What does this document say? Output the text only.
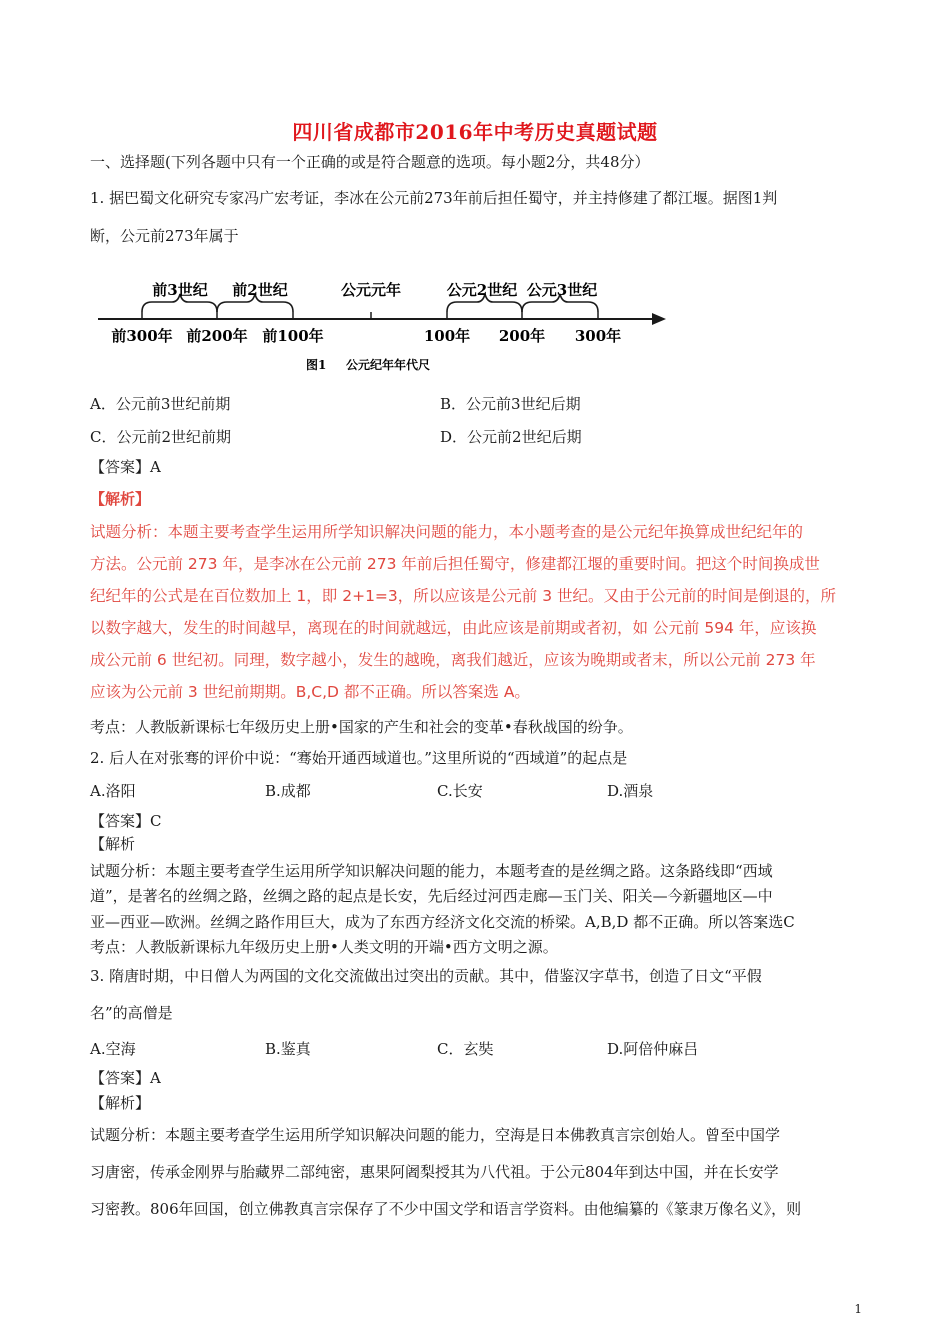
四川省成都市2016年中考历史真题试题
一、选择题(下列各题中只有一个正确的或是符合题意的选项。每小题2分，共48分）
1. 据巴蜀文化研究专家冯广宏考证，李冰在公元前273年前后担任蜀守，并主持修建了都江堰。据图1判
断，公元前273年属于
前3世纪 前2世纪	公元元年	公元2世纪 公元3世纪
前300年 前200年 前100年	100年 200年 300年
图1 公元纪年年代尺
A．公元前3世纪前期	B．公元前3世纪后期
C．公元前2世纪前期	D．公元前2世纪后期
【答案】A
【解析】
试题分析：本题主要考查学生运用所学知识解决问题的能力，本小题考查的是公元纪年换算成世纪纪年的
方法。公元前 273 年，是李冰在公元前 273 年前后担任蜀守，修建都江堰的重要时间。把这个时间换成世
纪纪年的公式是在百位数加上 1，即 2+1=3，所以应该是公元前 3 世纪。又由于公元前的时间是倒退的，所
以数字越大，发生的时间越早，离现在的时间就越远，由此应该是前期或者初，如 公元前 594 年，应该换
成公元前 6 世纪初。同理，数字越小，发生的越晚，离我们越近，应该为晚期或者末，所以公元前 273 年
应该为公元前 3 世纪前期期。B,C,D 都不正确。所以答案选 A。
考点：人教版新课标七年级历史上册•国家的产生和社会的变革•春秋战国的纷争。
2. 后人在对张骞的评价中说：“骞始开通西域道也。”这里所说的“西域道”的起点是
A.洛阳	B.成都	C.长安	D.酒泉
【答案】C
【解析
试题分析：本题主要考查学生运用所学知识解决问题的能力，本题考查的是丝绸之路。这条路线即“西域
道”，是著名的丝绸之路，丝绸之路的起点是长安，先后经过河西走廊—玉门关、阳关—今新疆地区—中
亚—西亚—欧洲。丝绸之路作用巨大，成为了东西方经济文化交流的桥梁。A,B,D 都不正确。所以答案选C
考点：人教版新课标九年级历史上册•人类文明的开端•西方文明之源。
3. 隋唐时期，中日僧人为两国的文化交流做出过突出的贡献。其中，借鉴汉字草书，创造了日文“平假
名”的高僧是
A.空海	B.鉴真	C．玄奘	D.阿倍仲麻吕
【答案】A
【解析】
试题分析：本题主要考查学生运用所学知识解决问题的能力，空海是日本佛教真言宗创始人。曾至中国学
习唐密，传承金刚界与胎藏界二部纯密，惠果阿阇梨授其为八代祖。于公元804年到达中国，并在长安学
习密教。806年回国，创立佛教真言宗保存了不少中国文学和语言学资料。由他编纂的《篆隶万像名义》，则
1
